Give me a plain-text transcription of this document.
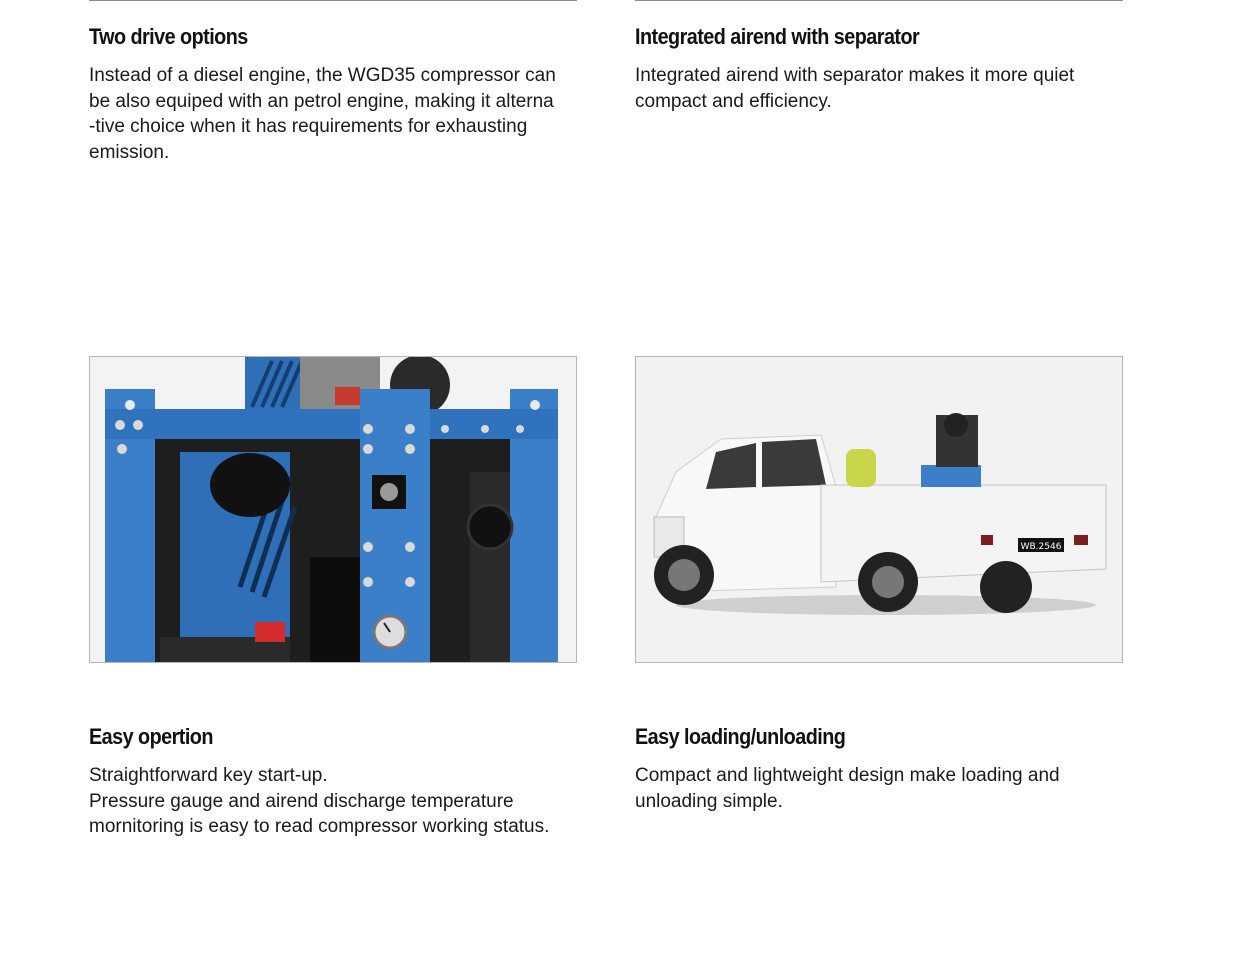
Two drive options
Instead of a diesel engine, the WGD35 compressor can
be also equiped with an petrol engine, making it alterna
-tive choice when it has requirements for exhausting
emission.
Integrated airend with separator
Integrated airend with separator makes it more quiet
compact and efficiency.
WB.2546
Easy opertion
Straightforward key start-up.
Pressure gauge and airend discharge temperature
mornitoring is easy to read compressor working status.
Easy loading/unloading
Compact and lightweight design make loading and
unloading simple.
